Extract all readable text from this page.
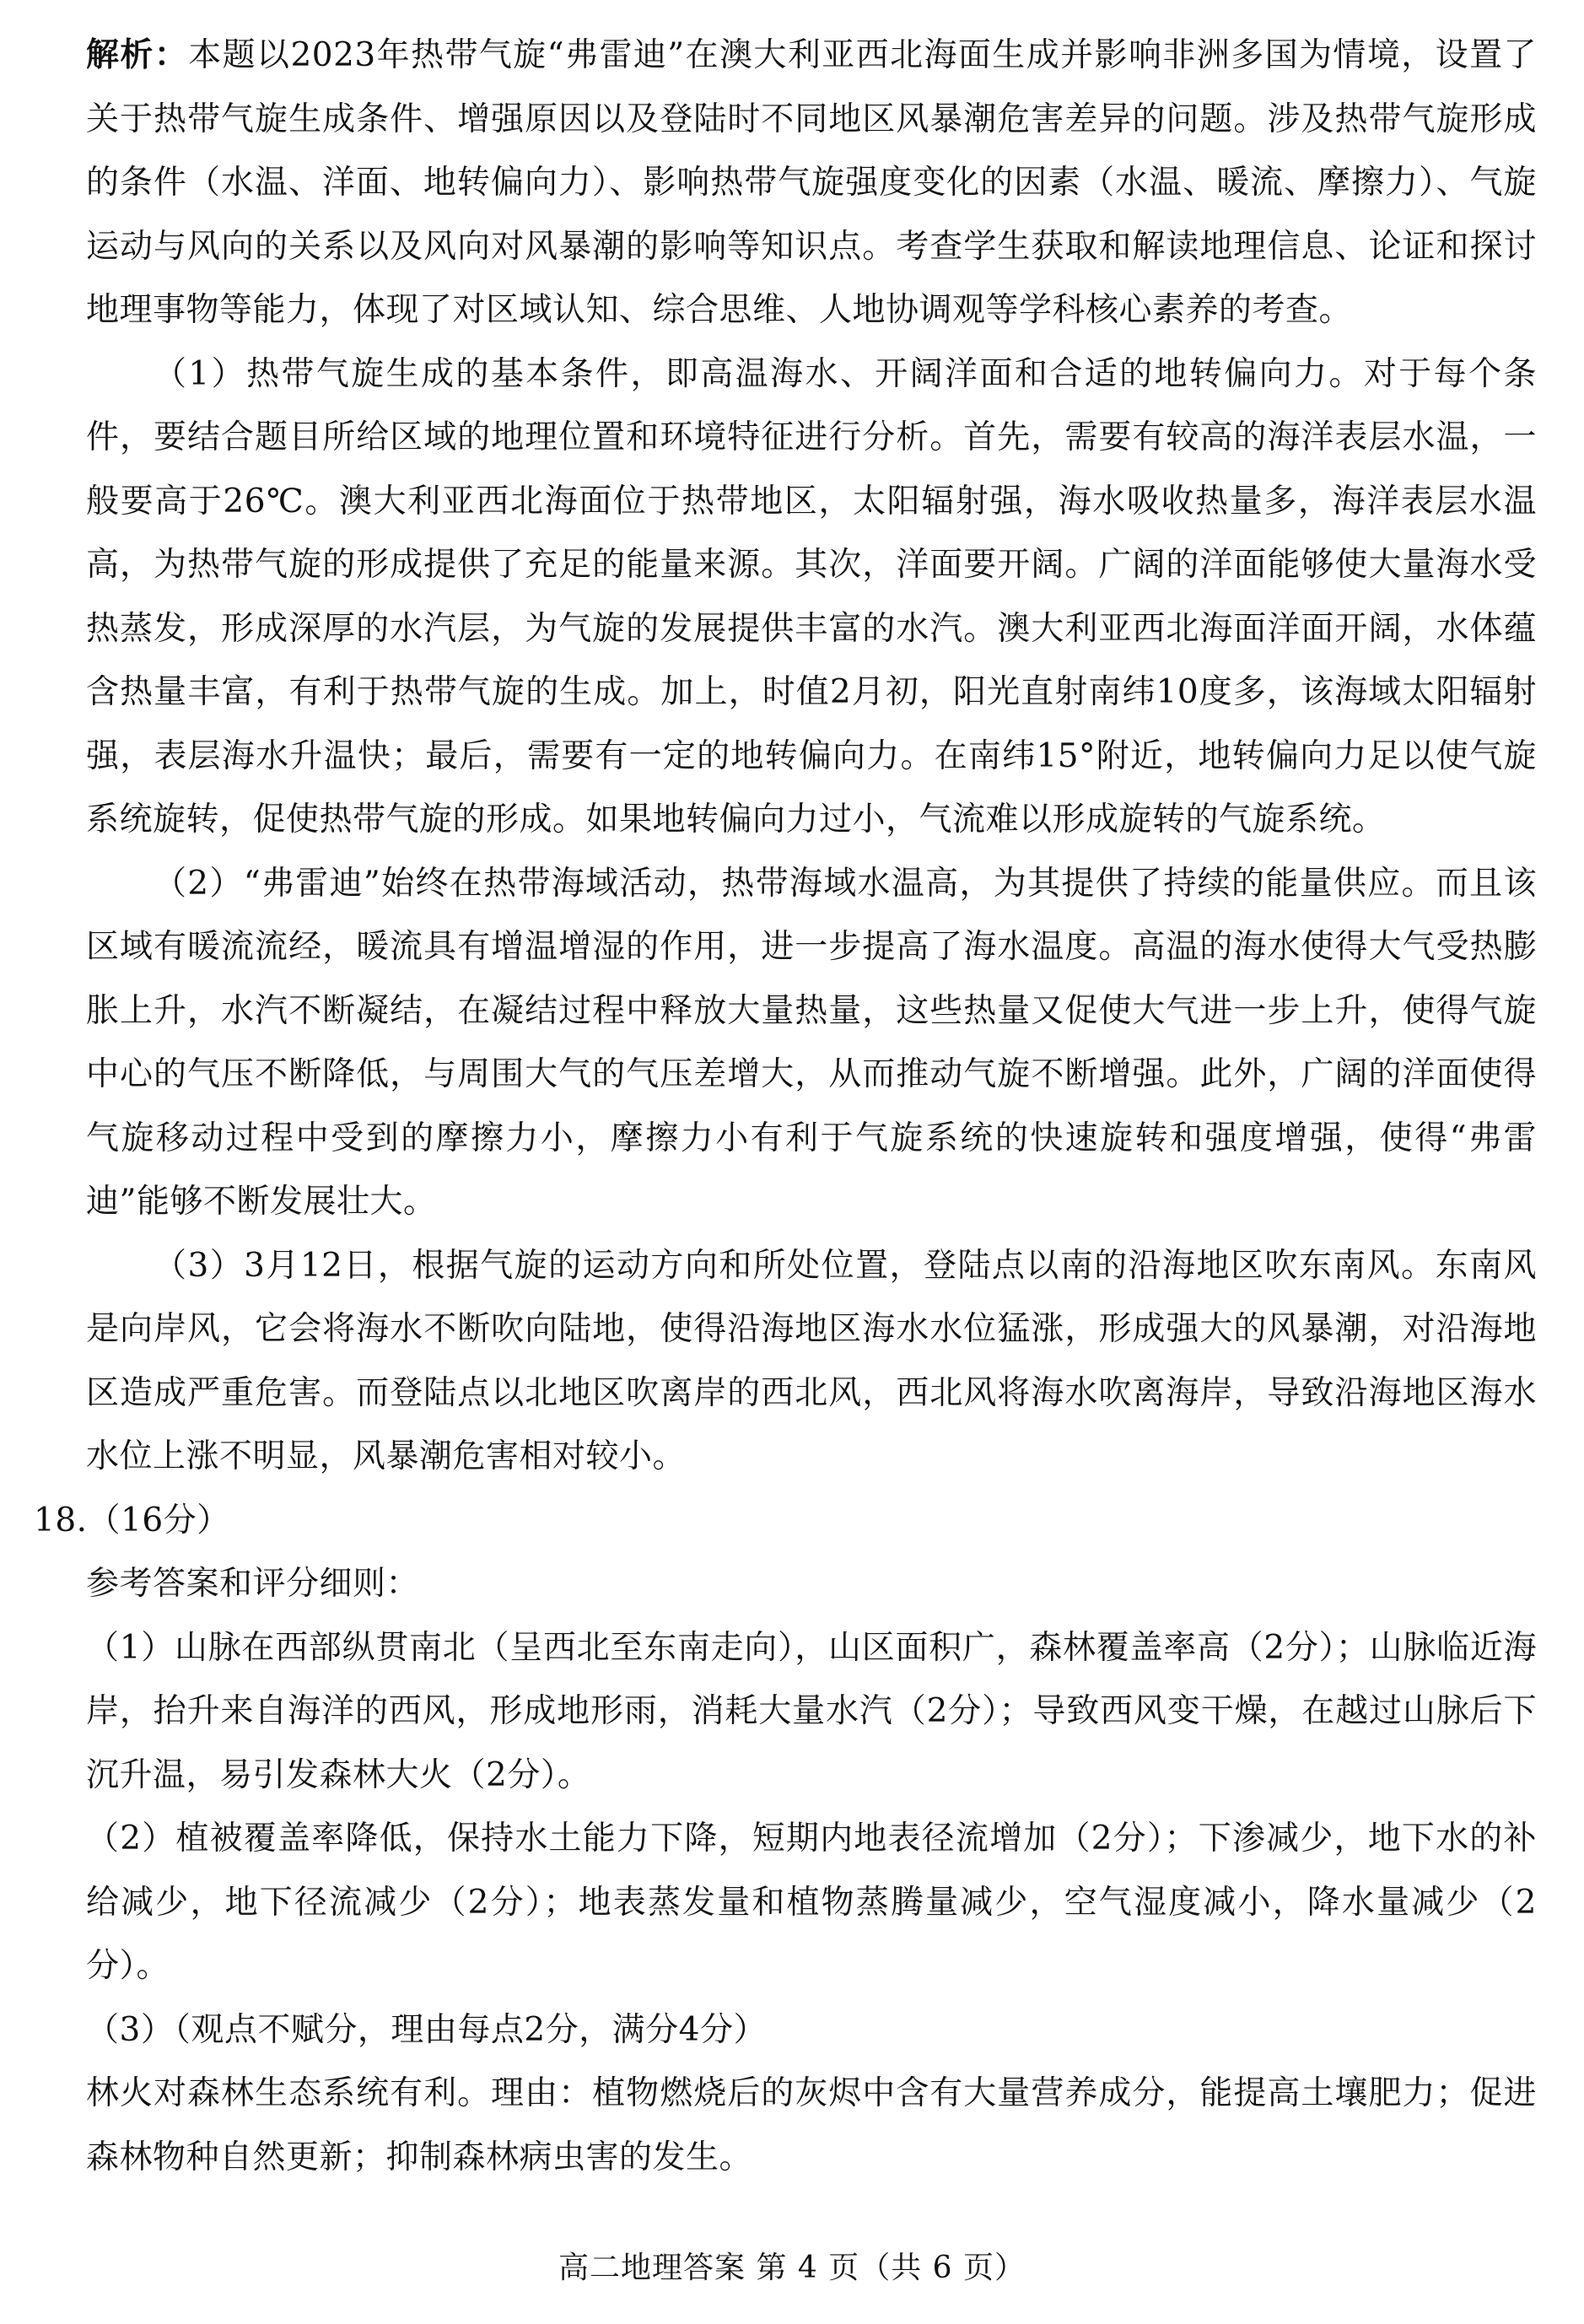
解析：本题以2023年热带气旋“弗雷迪”在澳大利亚西北海面生成并影响非洲多国为情境，设置了关于热带气旋生成条件、增强原因以及登陆时不同地区风暴潮危害差异的问题。涉及热带气旋形成的条件（水温、洋面、地转偏向力）、影响热带气旋强度变化的因素（水温、暖流、摩擦力）、气旋运动与风向的关系以及风向对风暴潮的影响等知识点。考查学生获取和解读地理信息、论证和探讨地理事物等能力，体现了对区域认知、综合思维、人地协调观等学科核心素养的考查。

（1）热带气旋生成的基本条件，即高温海水、开阔洋面和合适的地转偏向力。对于每个条件，要结合题目所给区域的地理位置和环境特征进行分析。首先，需要有较高的海洋表层水温，一般要高于26℃。澳大利亚西北海面位于热带地区，太阳辐射强，海水吸收热量多，海洋表层水温高，为热带气旋的形成提供了充足的能量来源。其次，洋面要开阔。广阔的洋面能够使大量海水受热蒸发，形成深厚的水汽层，为气旋的发展提供丰富的水汽。澳大利亚西北海面洋面开阔，水体蕴含热量丰富，有利于热带气旋的生成。加上，时值2月初，阳光直射南纬10度多，该海域太阳辐射强，表层海水升温快；最后，需要有一定的地转偏向力。在南纬15°附近，地转偏向力足以使气旋系统旋转，促使热带气旋的形成。如果地转偏向力过小，气流难以形成旋转的气旋系统。

（2）“弗雷迪”始终在热带海域活动，热带海域水温高，为其提供了持续的能量供应。而且该区域有暖流流经，暖流具有增温增湿的作用，进一步提高了海水温度。高温的海水使得大气受热膨胀上升，水汽不断凝结，在凝结过程中释放大量热量，这些热量又促使大气进一步上升，使得气旋中心的气压不断降低，与周围大气的气压差增大，从而推动气旋不断增强。此外，广阔的洋面使得气旋移动过程中受到的摩擦力小，摩擦力小有利于气旋系统的快速旋转和强度增强，使得“弗雷迪”能够不断发展壮大。

（3）3月12日，根据气旋的运动方向和所处位置，登陆点以南的沿海地区吹东南风。东南风是向岸风，它会将海水不断吹向陆地，使得沿海地区海水水位猛涨，形成强大的风暴潮，对沿海地区造成严重危害。而登陆点以北地区吹离岸的西北风，西北风将海水吹离海岸，导致沿海地区海水水位上涨不明显，风暴潮危害相对较小。

18.（16分）

参考答案和评分细则：

（1）山脉在西部纵贯南北（呈西北至东南走向），山区面积广，森林覆盖率高（2分）；山脉临近海岸，抬升来自海洋的西风，形成地形雨，消耗大量水汽（2分）；导致西风变干燥，在越过山脉后下沉升温，易引发森林大火（2分）。

（2）植被覆盖率降低，保持水土能力下降，短期内地表径流增加（2分）；下渗减少，地下水的补给减少，地下径流减少（2分）；地表蒸发量和植物蒸腾量减少，空气湿度减小，降水量减少（2分）。

（3）（观点不赋分，理由每点2分，满分4分）

林火对森林生态系统有利。理由：植物燃烧后的灰烬中含有大量营养成分，能提高土壤肥力；促进森林物种自然更新；抑制森林病虫害的发生。

高二地理答案 第 4 页（共 6 页）
